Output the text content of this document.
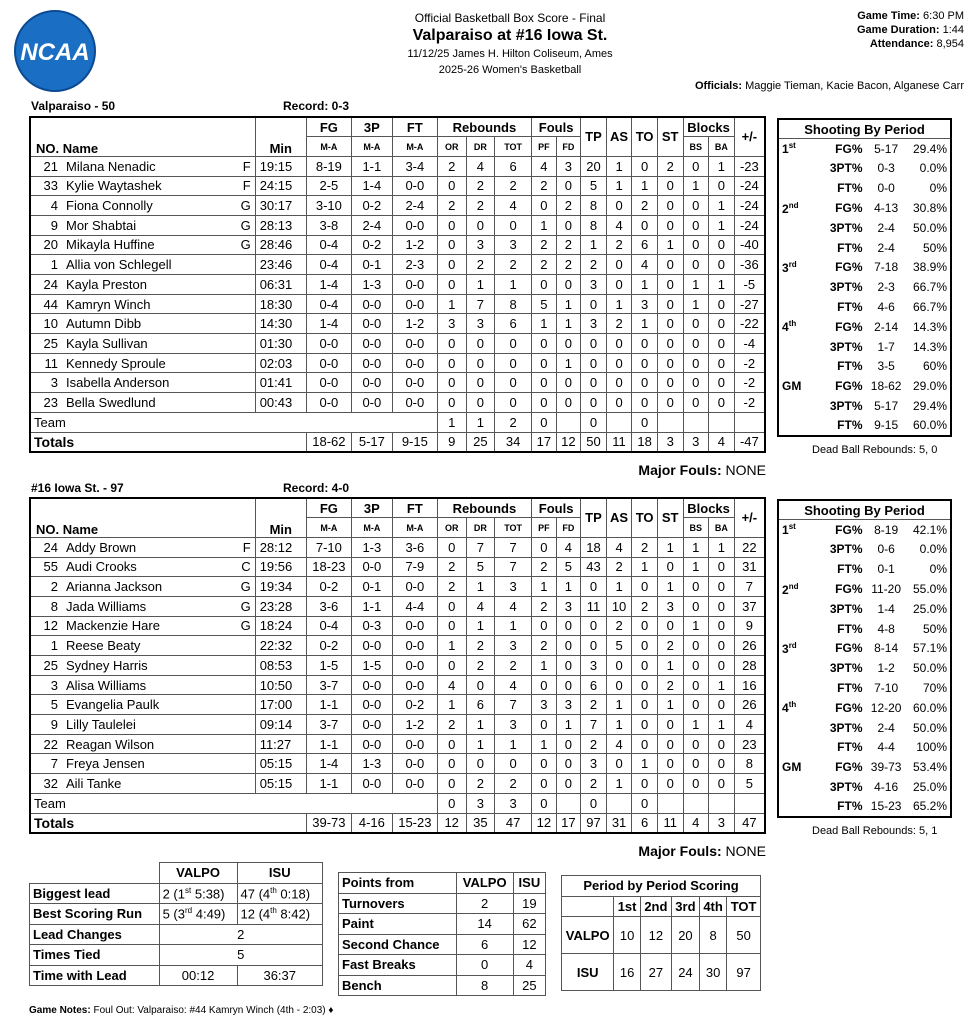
NCAA
Official Basketball Box Score - Final
Valparaiso at #16 Iowa St.
11/12/25 James H. Hilton Coliseum, Ames
2025-26 Women's Basketball
Game Time: 6:30 PM
Game Duration: 1:44
Attendance: 8,954
Officials: Maggie Tieman, Kacie Bacon, Alganese Carr
Valparaiso - 50	Record: 0-3
NO. Name	Min	FG	3P	FT	Rebounds			Fouls		TP	AS	TO	ST	Blocks		+/-
		M-A	M-A	M-A	OR	DR	TOT	PF	FD					BS	BA	
21 Milana Nenadic F	19:15	8-19	1-1	3-4	2	4	6	4	3	20	1	0	2	0	1	-23
33 Kylie Waytashek F	24:15	2-5	1-4	0-0	0	2	2	2	0	5	1	1	0	1	0	-24
4 Fiona Connolly G	30:17	3-10	0-2	2-4	2	2	4	0	2	8	0	2	0	0	1	-24
9 Mor Shabtai G	28:13	3-8	2-4	0-0	0	0	0	1	0	8	4	0	0	0	1	-24
20 Mikayla Huffine G	28:46	0-4	0-2	1-2	0	3	3	2	2	1	2	6	1	0	0	-40
1 Allia von Schlegell	23:46	0-4	0-1	2-3	0	2	2	2	2	2	0	4	0	0	0	-36
24 Kayla Preston	06:31	1-4	1-3	0-0	0	1	1	0	0	3	0	1	0	1	1	-5
44 Kamryn Winch	18:30	0-4	0-0	0-0	1	7	8	5	1	0	1	3	0	1	0	-27
10 Autumn Dibb	14:30	1-4	0-0	1-2	3	3	6	1	1	3	2	1	0	0	0	-22
25 Kayla Sullivan	01:30	0-0	0-0	0-0	0	0	0	0	0	0	0	0	0	0	0	-4
11 Kennedy Sproule	02:03	0-0	0-0	0-0	0	0	0	0	1	0	0	0	0	0	0	-2
3 Isabella Anderson	01:41	0-0	0-0	0-0	0	0	0	0	0	0	0	0	0	0	0	-2
23 Bella Swedlund	00:43	0-0	0-0	0-0	0	0	0	0	0	0	0	0	0	0	0	-2
Team					1	1	2	0		0		0				
Totals		18-62	5-17	9-15	9	25	34	17	12	50	11	18	3	3	4	-47
Major Fouls: NONE
Shooting By Period			
1st	FG%	5-17	29.4%
	3PT%	0-3	0.0%
	FT%	0-0	0%
2nd	FG%	4-13	30.8%
	3PT%	2-4	50.0%
	FT%	2-4	50%
3rd	FG%	7-18	38.9%
	3PT%	2-3	66.7%
	FT%	4-6	66.7%
4th	FG%	2-14	14.3%
	3PT%	1-7	14.3%
	FT%	3-5	60%
GM	FG%	18-62	29.0%
	3PT%	5-17	29.4%
	FT%	9-15	60.0%
Dead Ball Rebounds: 5, 0
#16 Iowa St. - 97	Record: 4-0
NO. Name	Min	FG	3P	FT	Rebounds			Fouls		TP	AS	TO	ST	Blocks		+/-
		M-A	M-A	M-A	OR	DR	TOT	PF	FD					BS	BA	
24 Addy Brown F	28:12	7-10	1-3	3-6	0	7	7	0	4	18	4	2	1	1	1	22
55 Audi Crooks C	19:56	18-23	0-0	7-9	2	5	7	2	5	43	2	1	0	1	0	31
2 Arianna Jackson G	19:34	0-2	0-1	0-0	2	1	3	1	1	0	1	0	1	0	0	7
8 Jada Williams G	23:28	3-6	1-1	4-4	0	4	4	2	3	11	10	2	3	0	0	37
12 Mackenzie Hare G	18:24	0-4	0-3	0-0	0	1	1	0	0	0	2	0	0	1	0	9
1 Reese Beaty	22:32	0-2	0-0	0-0	1	2	3	2	0	0	5	0	2	0	0	26
25 Sydney Harris	08:53	1-5	1-5	0-0	0	2	2	1	0	3	0	0	1	0	0	28
3 Alisa Williams	10:50	3-7	0-0	0-0	4	0	4	0	0	6	0	0	2	0	1	16
5 Evangelia Paulk	17:00	1-1	0-0	0-2	1	6	7	3	3	2	1	0	1	0	0	26
9 Lilly Taulelei	09:14	3-7	0-0	1-2	2	1	3	0	1	7	1	0	0	1	1	4
22 Reagan Wilson	11:27	1-1	0-0	0-0	0	1	1	1	0	2	4	0	0	0	0	23
7 Freya Jensen	05:15	1-4	1-3	0-0	0	0	0	0	0	3	0	1	0	0	0	8
32 Aili Tanke	05:15	1-1	0-0	0-0	0	2	2	0	0	2	1	0	0	0	0	5
Team					0	3	3	0		0		0				
Totals		39-73	4-16	15-23	12	35	47	12	17	97	31	6	11	4	3	47
Major Fouls: NONE
Shooting By Period			
1st	FG%	8-19	42.1%
	3PT%	0-6	0.0%
	FT%	0-1	0%
2nd	FG%	11-20	55.0%
	3PT%	1-4	25.0%
	FT%	4-8	50%
3rd	FG%	8-14	57.1%
	3PT%	1-2	50.0%
	FT%	7-10	70%
4th	FG%	12-20	60.0%
	3PT%	2-4	50.0%
	FT%	4-4	100%
GM	FG%	39-73	53.4%
	3PT%	4-16	25.0%
	FT%	15-23	65.2%
Dead Ball Rebounds: 5, 1
	VALPO	ISU
Biggest lead	2 (1st 5:38)	47 (4th 0:18)
Best Scoring Run	5 (3rd 4:49)	12 (4th 8:42)
Lead Changes	2	
Times Tied	5	
Time with Lead	00:12	36:37
Points from	VALPO	ISU
Turnovers	2	19
Paint	14	62
Second Chance	6	12
Fast Breaks	0	4
Bench	8	25
Period by Period Scoring					
	1st	2nd	3rd	4th	TOT
VALPO	10	12	20	8	50
ISU	16	27	24	30	97
Game Notes: Foul Out: Valparaiso: #44 Kamryn Winch (4th - 2:03) ♦
